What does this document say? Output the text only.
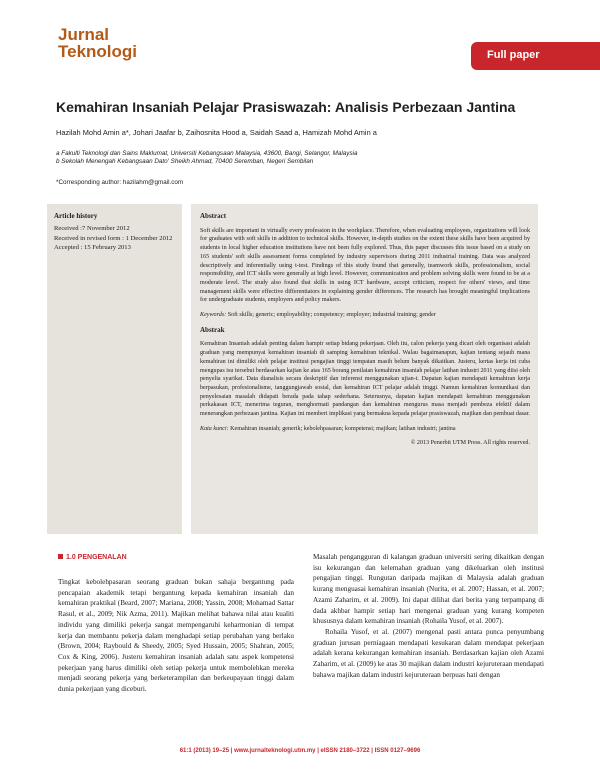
Jurnal
Teknologi	Full paper
Kemahiran Insaniah Pelajar Prasiswazah: Analisis Perbezaan Jantina
Hazilah Mohd Amin a*, Johari Jaafar b, Zaihosnita Hood a, Saidah Saad a, Hamizah Mohd Amin a
a Fakulti Teknologi dan Sains Maklumat, Universiti Kebangsaan Malaysia, 43600, Bangi, Selangor, Malaysia
b Sekolah Menengah Kebangsaan Dato' Sheikh Ahmad, 70400 Seremban, Negeri Sembilan
*Corresponding author: hazilahm@gmail.com
Article history
Received :7 November 2012
Received in revised form : 1 December 2012
Accepted : 15 February 2013

Abstract

Soft skills are important in virtually every profession in the workplace. Therefore, when evaluating employees, organizations will look for graduates with soft skills in addition to technical skills. However, in-depth studies on the extent these skills have been acquired by students in local higher education institutions have not been fully explored. Thus, this paper discusses this issue based on a study on 165 students' soft skills assessment forms completed by industry supervisors during 2011 industrial training. Data was analyzed descriptively and inferentially using t-test. Findings of this study found that generally, teamwork skills, professionalism, social responsibility, and ICT skills were generally at high level. However, communication and problem solving skills were found to be at a moderate level. The study also found that skills in using ICT hardware, accept criticism, respect for others' views, and time management skills were effective differentiators in explaining gender differences. The research has brought meaningful implications for undergraduate students, employers and policy makers.

Keywords: Soft skills; generic; employability; competency; employer; industrial training; gender

Abstrak

Kemahiran Insaniah adalah penting dalam hampir setiap bidang pekerjaan. Oleh itu, calon pekerja yang dicari oleh organisasi adalah graduan yang mempunyai kemahiran insaniah di samping kemahiran teknikal. Walau bagaimanapun, kajian tentang sejauh mana kemahiran ini dimiliki oleh pelajar institusi pengajian tinggi tempatan masih belum banyak dikaitkan. Justeru, kertas kerja ini cuba mengupas isu tersebut berdasarkan kajian ke atas 165 borang penilaian kemahiran insaniah pelajar latihan industri 2011 yang diisi oleh penyelia syarikat. Data dianalisis secara deskriptif dan inferensi menggunakan ujian-t. Dapatan kajian mendapati kemahiran kerja berpasukan, profesionalisme, tanggungjawab sosial, dan kemahiran ICT pelajar adalah tinggi. Namun kemahiran komunikasi dan penyelesaian masalah didapati berada pada tahap sederhana. Seterusnya, dapatan kajian mendapati kemahiran menggunakan perkakasan ICT, menerima teguran, menghormati pandangan dan kemahiran mengurus masa menjadi pembeza efektif dalam menerangkan perbezaan jantina. Kajian ini memberi implikasi yang bermakna kepada pelajar prasiswazah, majikan dan pembuat dasar.

Kata kunci: Kemahiran insaniah; generik; kebolehpasaran; kompetensi; majikan; latihan industri; jantina

© 2013 Penerbit UTM Press. All rights reserved.

1.0 PENGENALAN

Tingkat kebolehpasaran seorang graduan bukan sahaja bergantung pada pencapaian akademik tetapi bergantung kepada kemahiran insaniah dan kemahiran praktikal (Beard, 2007; Mariana, 2008; Yassin, 2008; Mohamad Sattar Rasul, et al., 2009; Nik Azma, 2011). Majikan melihat bahawa nilai atau kualiti individu yang dimiliki pekerja sangat mempengaruhi keharmonian di tempat kerja dan membantu pekerja dalam menghadapi setiap perubahan yang berlaku (Brown, 2004; Raybould & Sheedy, 2005; Syed Hussain, 2005; Shahran, 2005; Cox & King, 2006). Justeru kemahiran insaniah adalah satu aspek kompetensi pekerjaan yang harus dimiliki oleh setiap pekerja untuk membolehkan mereka menjadi seorang pekerja yang berketerampilan dan berkeupayaan tinggi dalam dunia pekerjaan yang diceburi.

Masalah pengangguran di kalangan graduan universiti sering dikaitkan dengan isu kekurangan dan kelemahan graduan yang dikeluarkan oleh institusi pengajian tinggi. Rungutan daripada majikan di Malaysia adalah graduan kurang menguasai kemahiran insaniah (Nurita, et al. 2007; Hassan, et al. 2007; Azami Zaharim, et al. 2009). Ini dapat dilihat dari berita yang terpampang di dada akhbar hampir setiap hari mengenai graduan yang kurang kompeten khususnya dalam kemahiran insaniah (Rohaila Yusof, et al. 2007).

Rohaila Yusof, et al. (2007) mengenal pasti antara punca penyumbang graduan jurusan perniagaan mendapati kesukaran dalam mendapat pekerjaan adalah kerana kekurangan kemahiran insaniah. Berdasarkan kajian oleh Azami Zaharim, et al. (2009) ke atas 30 majikan dalam industri kejuruteraan mendapati bahawa majikan dalam industri kejuruteraan berpuas hati dengan

61:1 (2013) 19–25 | www.jurnalteknologi.utm.my | eISSN 2180–3722 | ISSN 0127–9696
